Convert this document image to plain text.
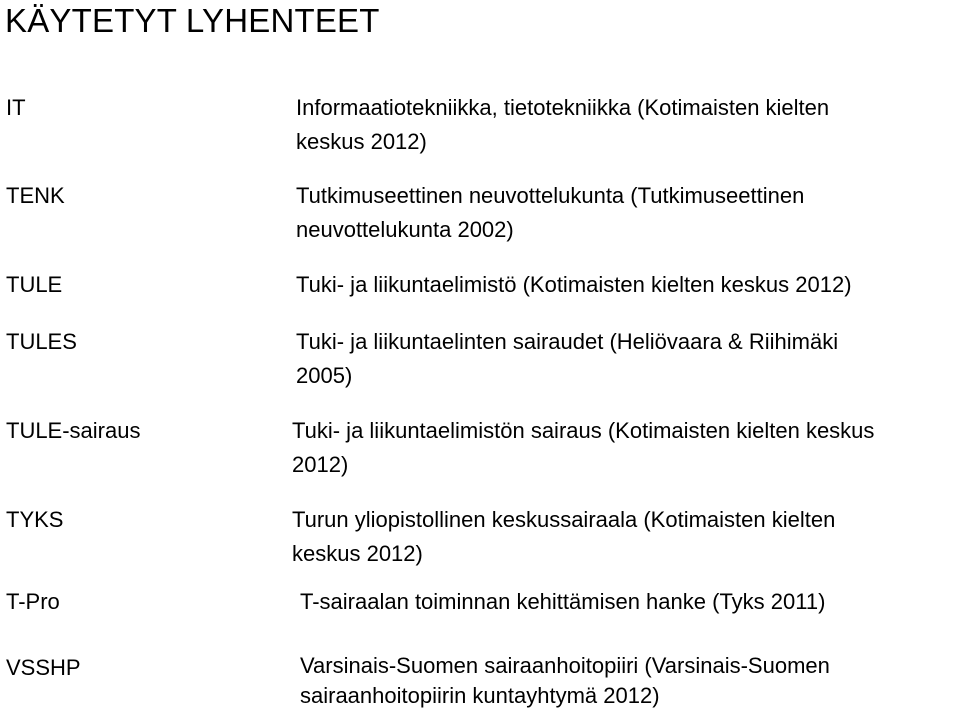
KÄYTETYT LYHENTEET
IT	Informaatiotekniikka, tietotekniikka (Kotimaisten kielten
keskus 2012)
TENK	Tutkimuseettinen neuvottelukunta (Tutkimuseettinen
neuvottelukunta 2002)
TULE	Tuki- ja liikuntaelimistö (Kotimaisten kielten keskus 2012)
TULES	Tuki- ja liikuntaelinten sairaudet (Heliövaara & Riihimäki
2005)
TULE-sairaus	Tuki- ja liikuntaelimistön sairaus (Kotimaisten kielten keskus
2012)
TYKS	Turun yliopistollinen keskussairaala (Kotimaisten kielten
keskus 2012)
T-Pro	T-sairaalan toiminnan kehittämisen hanke (Tyks 2011)
VSSHP	Varsinais-Suomen sairaanhoitopiiri (Varsinais-Suomen
sairaanhoitopiirin kuntayhtymä 2012)
